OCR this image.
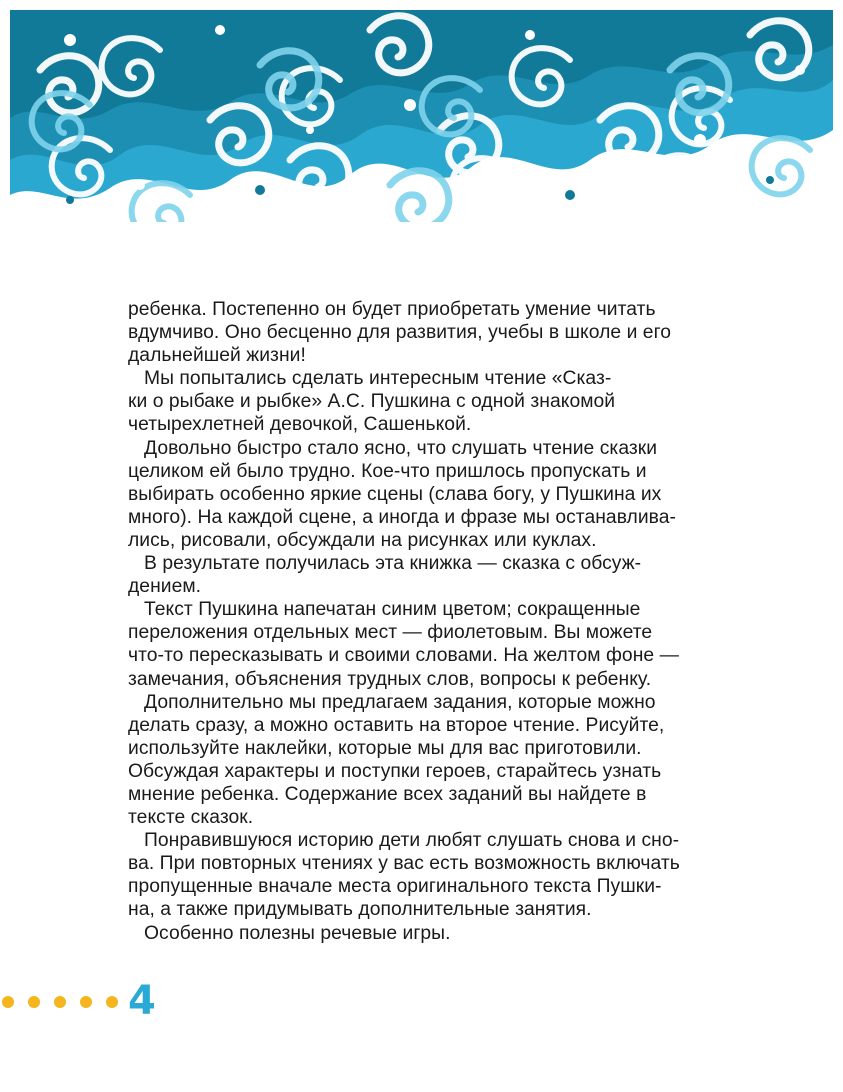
ребенка. Постепенно он будет приобретать умение читать
вдумчиво. Оно бесценно для развития, учебы в школе и его
дальнейшей жизни!
Мы попытались сделать интересным чтение «Сказ-
ки о рыбаке и рыбке» А.С. Пушкина с одной знакомой
четырехлетней девочкой, Сашенькой.
Довольно быстро стало ясно, что слушать чтение сказки
целиком ей было трудно. Кое-что пришлось пропускать и
выбирать особенно яркие сцены (слава богу, у Пушкина их
много). На каждой сцене, а иногда и фразе мы останавлива-
лись, рисовали, обсуждали на рисунках или куклах.
В результате получилась эта книжка — сказка с обсуж-
дением.
Текст Пушкина напечатан синим цветом; сокращенные
переложения отдельных мест — фиолетовым. Вы можете
что-то пересказывать и своими словами. На желтом фоне —
замечания, объяснения трудных слов, вопросы к ребенку.
Дополнительно мы предлагаем задания, которые можно
делать сразу, а можно оставить на второе чтение. Рисуйте,
используйте наклейки, которые мы для вас приготовили.
Обсуждая характеры и поступки героев, старайтесь узнать
мнение ребенка. Содержание всех заданий вы найдете в
тексте сказок.
Понравившуюся историю дети любят слушать снова и сно-
ва. При повторных чтениях у вас есть возможность включать
пропущенные вначале места оригинального текста Пушки-
на, а также придумывать дополнительные занятия.
Особенно полезны речевые игры.
4
